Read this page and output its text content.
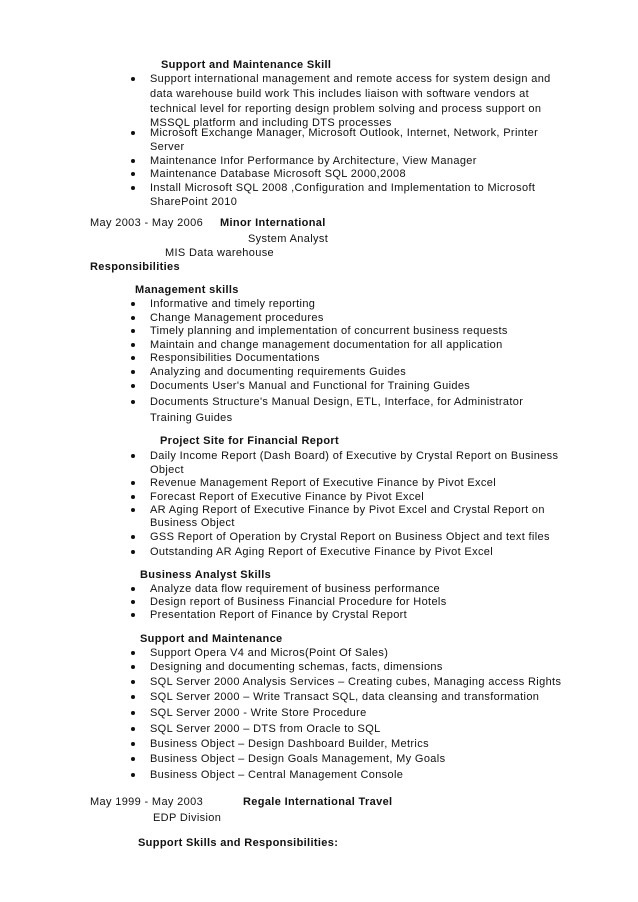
Support and Maintenance Skill
Support international management and remote access for system design and
data warehouse build work This includes liaison with software vendors at
technical level for reporting design problem solving and process support on
MSSQL platform and including DTS processes
Microsoft Exchange Manager, Microsoft Outlook, Internet, Network, Printer
Server
Maintenance Infor Performance by Architecture, View Manager
Maintenance Database Microsoft SQL 2000,2008
Install Microsoft SQL 2008 ,Configuration and Implementation to Microsoft
SharePoint 2010
May 2003 - May 2006 Minor International
System Analyst
MIS Data warehouse
Responsibilities
Management skills
Informative and timely reporting
Change Management procedures
Timely planning and implementation of concurrent business requests
Maintain and change management documentation for all application
Responsibilities Documentations
Analyzing and documenting requirements Guides
Documents User's Manual and Functional for Training Guides
Documents Structure's Manual Design, ETL, Interface, for Administrator
Training Guides
Project Site for Financial Report
Daily Income Report (Dash Board) of Executive by Crystal Report on Business
Object
Revenue Management Report of Executive Finance by Pivot Excel
Forecast Report of Executive Finance by Pivot Excel
AR Aging Report of Executive Finance by Pivot Excel and Crystal Report on
Business Object
GSS Report of Operation by Crystal Report on Business Object and text files
Outstanding AR Aging Report of Executive Finance by Pivot Excel
Business Analyst Skills
Analyze data flow requirement of business performance
Design report of Business Financial Procedure for Hotels
Presentation Report of Finance by Crystal Report
Support and Maintenance
Support Opera V4 and Micros(Point Of Sales)
Designing and documenting schemas, facts, dimensions
SQL Server 2000 Analysis Services – Creating cubes, Managing access Rights
SQL Server 2000 – Write Transact SQL, data cleansing and transformation
SQL Server 2000 - Write Store Procedure
SQL Server 2000 – DTS from Oracle to SQL
Business Object – Design Dashboard Builder, Metrics
Business Object – Design Goals Management, My Goals
Business Object – Central Management Console
May 1999 - May 2003	Regale International Travel
EDP Division
Support Skills and Responsibilities:
